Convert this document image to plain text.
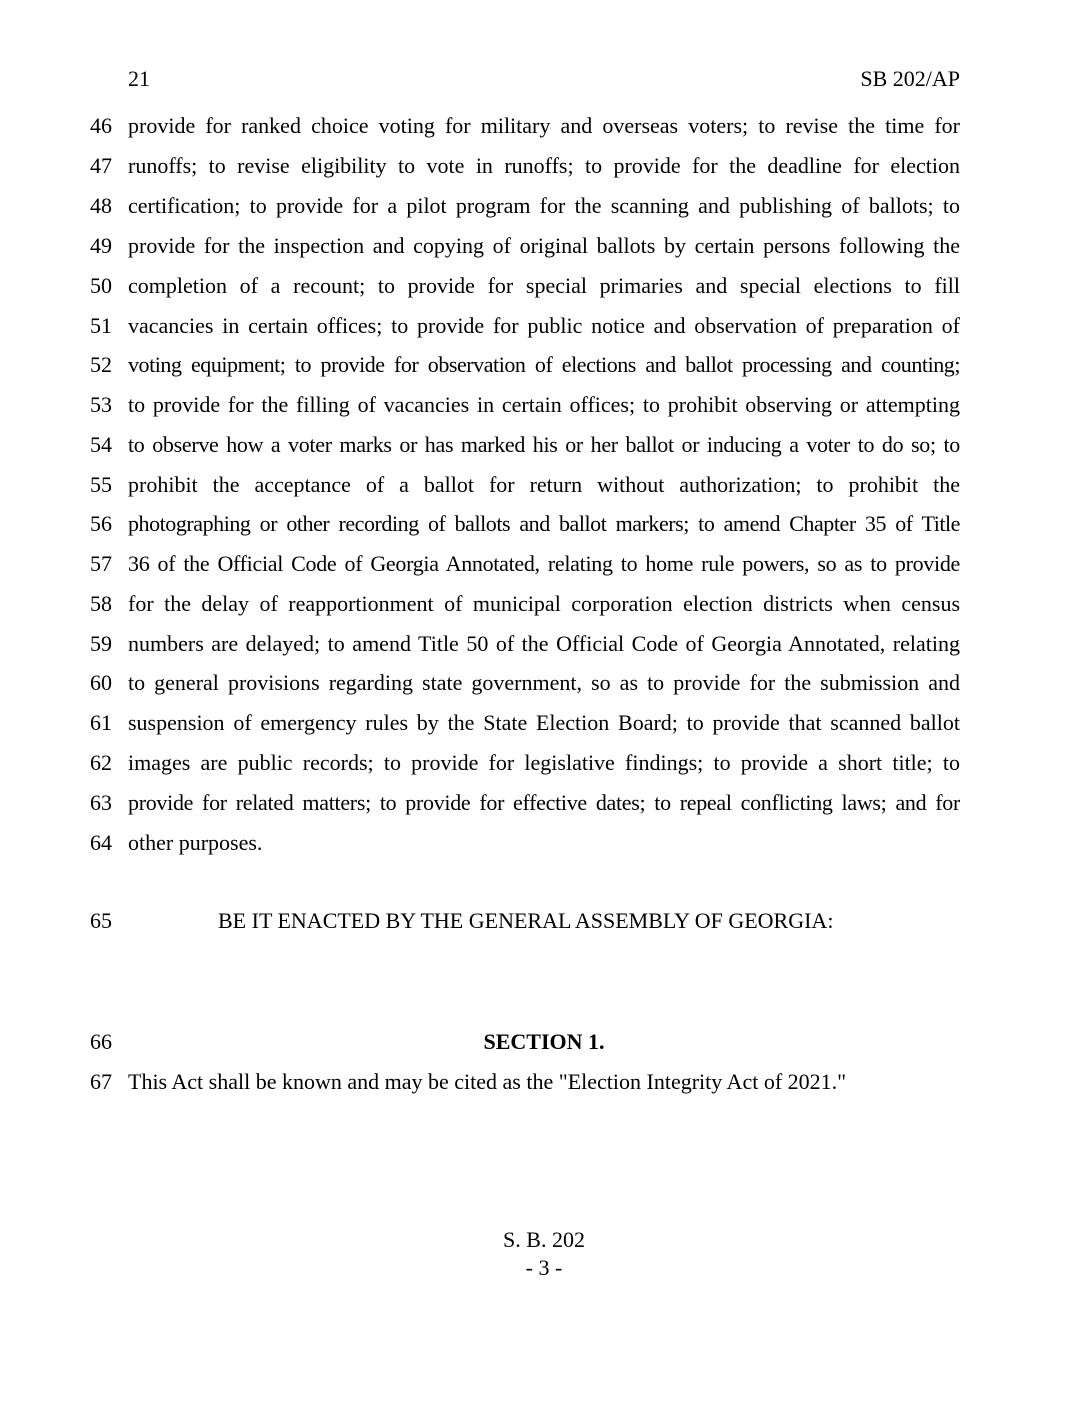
21	SB 202/AP
46 provide for ranked choice voting for military and overseas voters; to revise the time for
47 runoffs; to revise eligibility to vote in runoffs; to provide for the deadline for election
48 certification; to provide for a pilot program for the scanning and publishing of ballots; to
49 provide for the inspection and copying of original ballots by certain persons following the
50 completion of a recount; to provide for special primaries and special elections to fill
51 vacancies in certain offices; to provide for public notice and observation of preparation of
52 voting equipment; to provide for observation of elections and ballot processing and counting;
53 to provide for the filling of vacancies in certain offices; to prohibit observing or attempting
54 to observe how a voter marks or has marked his or her ballot or inducing a voter to do so; to
55 prohibit the acceptance of a ballot for return without authorization; to prohibit the
56 photographing or other recording of ballots and ballot markers; to amend Chapter 35 of Title
57 36 of the Official Code of Georgia Annotated, relating to home rule powers, so as to provide
58 for the delay of reapportionment of municipal corporation election districts when census
59 numbers are delayed; to amend Title 50 of the Official Code of Georgia Annotated, relating
60 to general provisions regarding state government, so as to provide for the submission and
61 suspension of emergency rules by the State Election Board; to provide that scanned ballot
62 images are public records; to provide for legislative findings; to provide a short title; to
63 provide for related matters; to provide for effective dates; to repeal conflicting laws; and for
64 other purposes.
65	BE IT ENACTED BY THE GENERAL ASSEMBLY OF GEORGIA:
66	SECTION 1.
67 This Act shall be known and may be cited as the "Election Integrity Act of 2021."
S. B. 202
- 3 -
